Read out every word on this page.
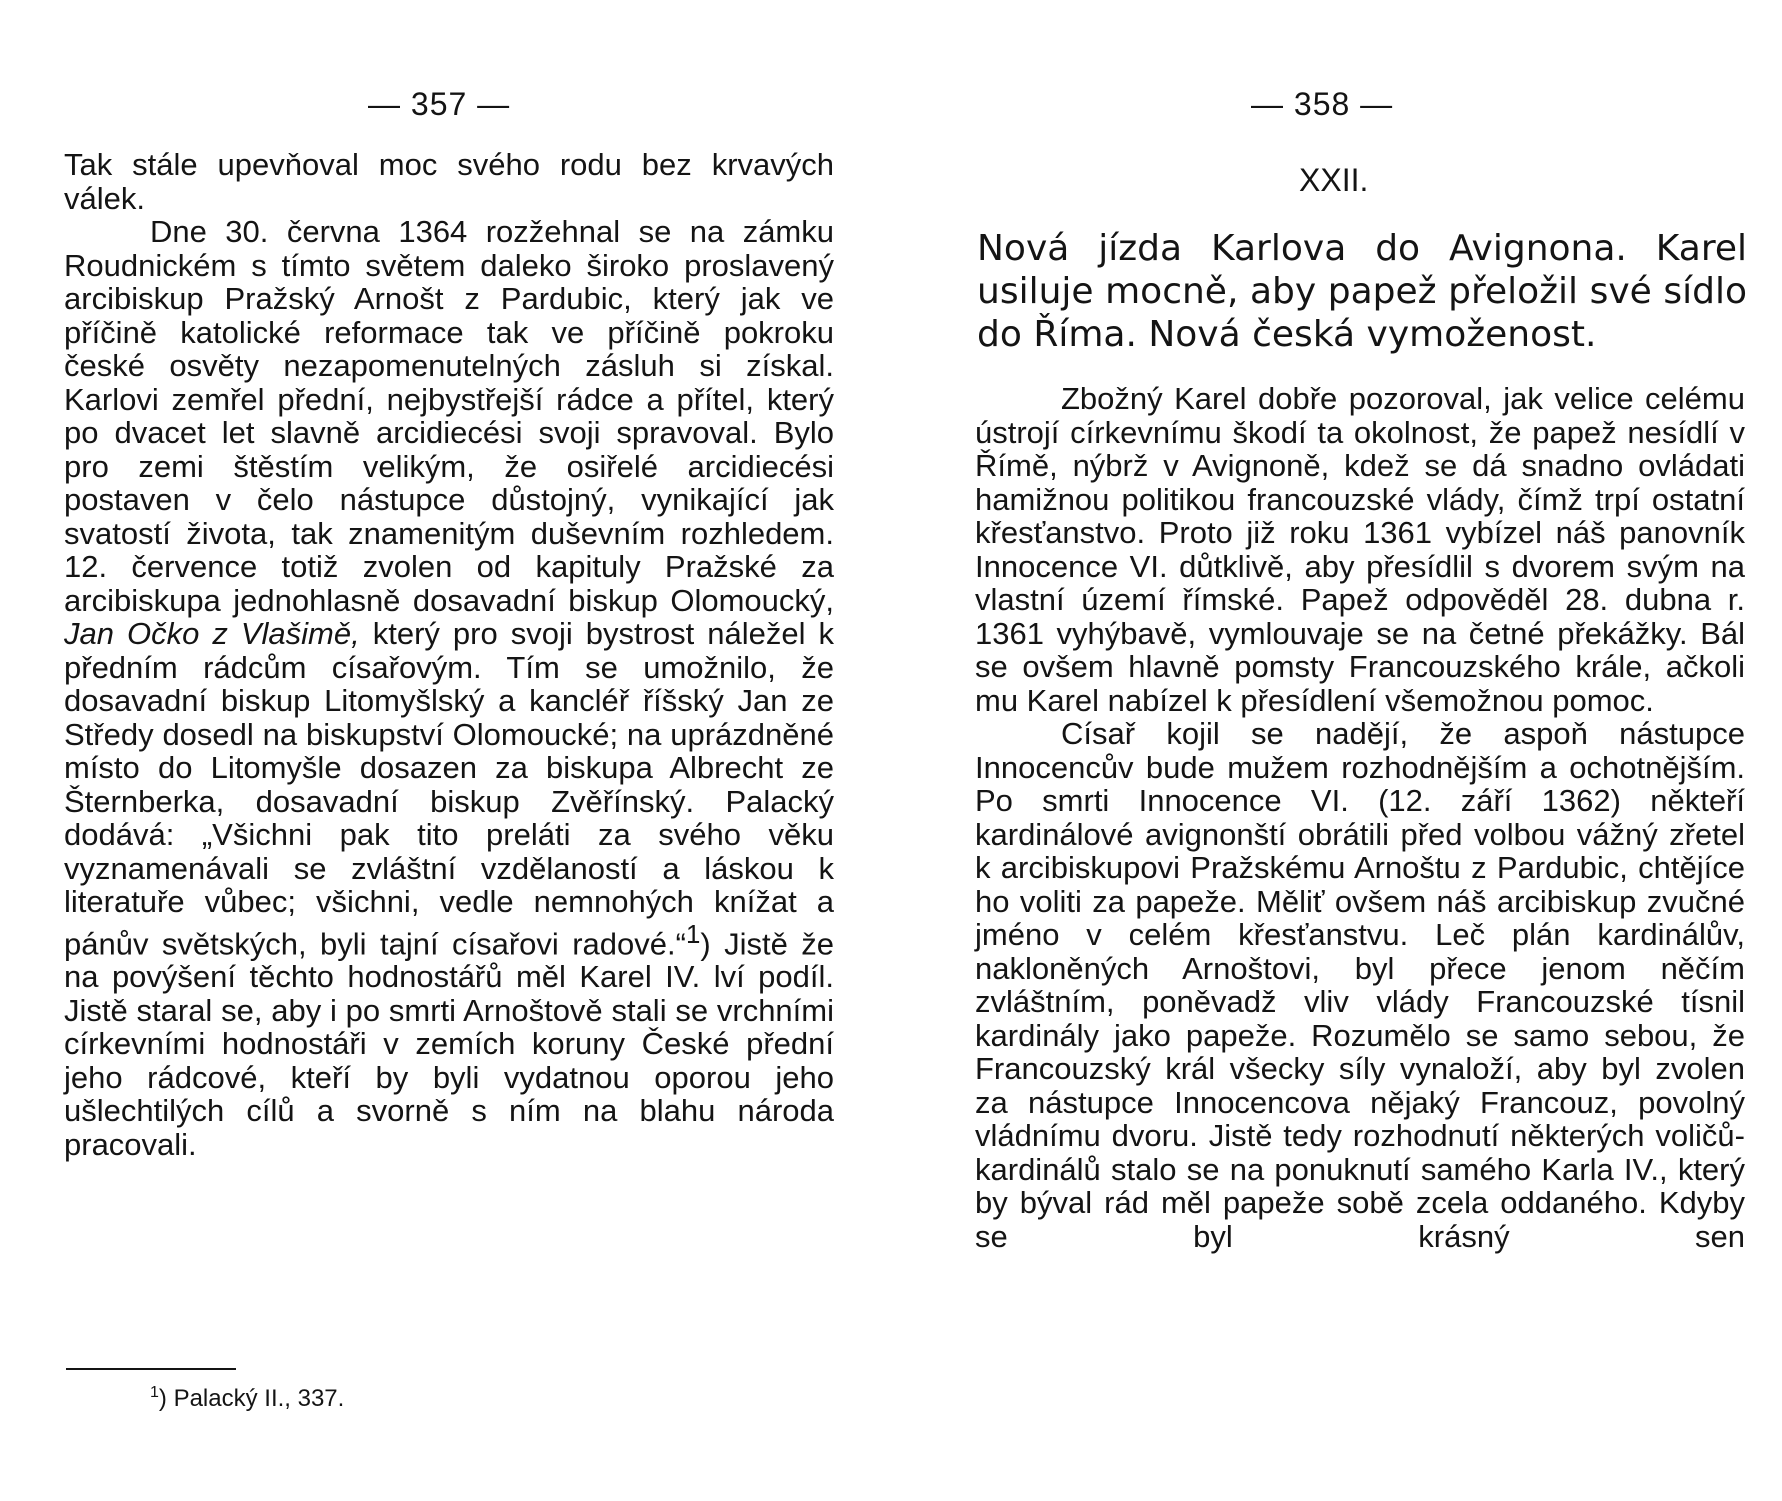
— 357 —

Tak stále upevňoval moc svého rodu bez krvavých válek.

Dne 30. června 1364 rozžehnal se na zámku Roudnickém s tímto světem daleko široko proslavený arcibiskup Pražský Arnošt z Pardubic, který jak ve příčině katolické reformace tak ve příčině pokroku české osvěty nezapomenutelných zásluh si získal. Karlovi zemřel přední, nejbystřejší rádce a přítel, který po dvacet let slavně arcidiecési svoji spravoval. Bylo pro zemi štěstím velikým, že osiřelé arcidiecési postaven v čelo nástupce důstojný, vynikající jak svatostí života, tak znamenitým duševním rozhledem. 12. července totiž zvolen od kapituly Pražské za arcibiskupa jednohlasně dosavadní biskup Olomoucký, Jan Očko z Vlašimě, který pro svoji bystrost náležel k předním rádcům císařovým. Tím se umožnilo, že dosavadní biskup Litomyšlský a kancléř říšský Jan ze Středy dosedl na biskupství Olomoucké; na uprázdněné místo do Litomyšle dosazen za biskupa Albrecht ze Šternberka, dosavadní biskup Zvěřínský. Palacký dodává: „Všichni pak tito preláti za svého věku vyznamenávali se zvláštní vzdělaností a láskou k literatuře vůbec; všichni, vedle nemnohých knížat a pánův světských, byli tajní císařovi radové.“$^1$) Jistě že na povýšení těchto hodnostářů měl Karel IV. lví podíl. Jistě staral se, aby i po smrti Arnoštově stali se vrchními církevními hodnostáři v zemích koruny České přední jeho rádcové, kteří by byli vydatnou oporou jeho ušlechtilých cílů a svorně s ním na blahu národa pracovali.

$^1$) Palacký II., 337.
— 358 —
XXII.
Nová jízda Karlova do Avignona. Karel usiluje mocně, aby papež přeložil své sídlo do Říma. Nová česká vymoženost.

Zbožný Karel dobře pozoroval, jak velice celému ústrojí církevnímu škodí ta okolnost, že papež nesídlí v Římě, nýbrž v Avignoně, kdež se dá snadno ovládati hamižnou politikou francouzské vlády, čímž trpí ostatní křesťanstvo. Proto již roku 1361 vybízel náš panovník Innocence VI. důtklivě, aby přesídlil s dvorem svým na vlastní území římské. Papež odpověděl 28. dubna r. 1361 vyhýbavě, vymlouvaje se na četné překážky. Bál se ovšem hlavně pomsty Francouzského krále, ačkoli mu Karel nabízel k přesídlení všemožnou pomoc.

Císař kojil se nadějí, že aspoň nástupce Innocencův bude mužem rozhodnějším a ochotnějším. Po smrti Innocence VI. (12. září 1362) někteří kardinálové avignonští obrátili před volbou vážný zřetel k arcibiskupovi Pražskému Arnoštu z Pardubic, chtějíce ho voliti za papeže. Měliť ovšem náš arcibiskup zvučné jméno v celém křesťanstvu. Leč plán kardinálův, nakloněných Arnoštovi, byl přece jenom něčím zvláštním, poněvadž vliv vlády Francouzské tísnil kardinály jako papeže. Rozumělo se samo sebou, že Francouzský král všecky síly vynaloží, aby byl zvolen za nástupce Innocencova nějaký Francouz, povolný vládnímu dvoru. Jistě tedy rozhodnutí některých voličů-kardinálů stalo se na ponuknutí samého Karla IV., který by býval rád měl papeže sobě zcela oddaného. Kdyby se byl krásný sen
